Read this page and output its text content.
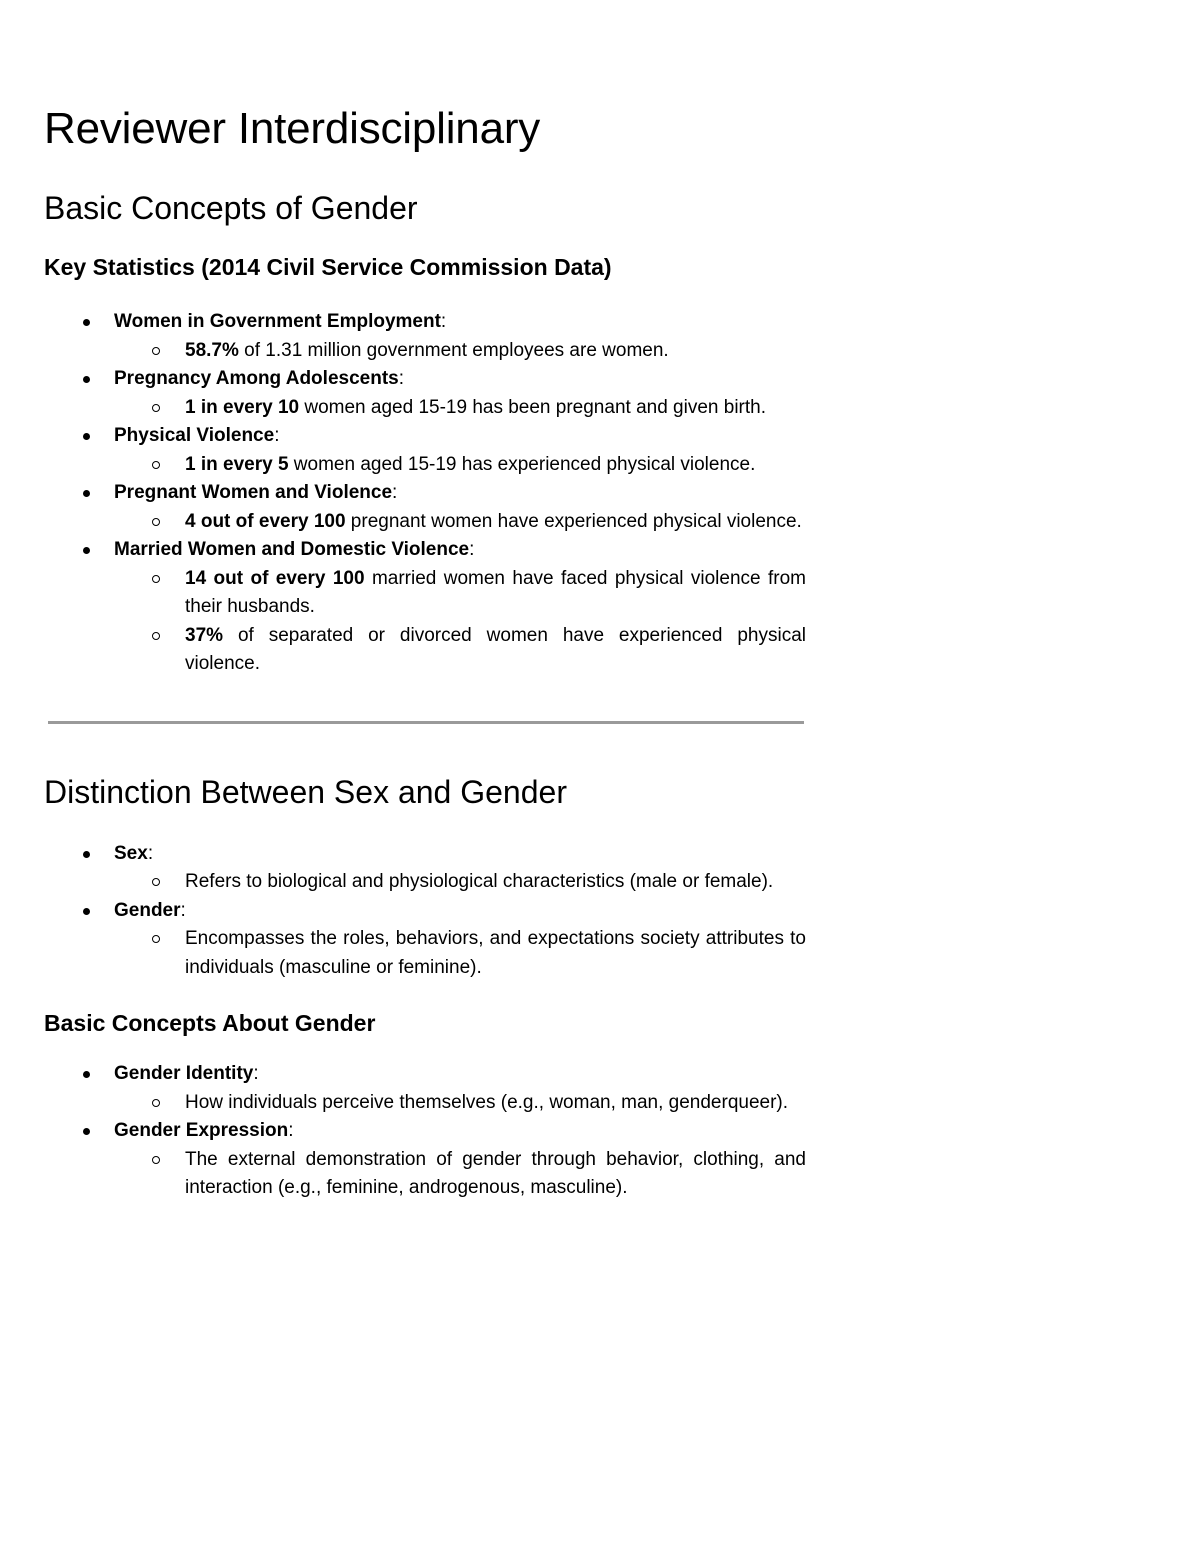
Reviewer Interdisciplinary
Basic Concepts of Gender
Key Statistics (2014 Civil Service Commission Data)
Women in Government Employment:
58.7% of 1.31 million government employees are women.
Pregnancy Among Adolescents:
1 in every 10 women aged 15-19 has been pregnant and given birth.
Physical Violence:
1 in every 5 women aged 15-19 has experienced physical violence.
Pregnant Women and Violence:
4 out of every 100 pregnant women have experienced physical violence.
Married Women and Domestic Violence:
14 out of every 100 married women have faced physical violence from their husbands.
37% of separated or divorced women have experienced physical violence.
Distinction Between Sex and Gender
Sex:
Refers to biological and physiological characteristics (male or female).
Gender:
Encompasses the roles, behaviors, and expectations society attributes to individuals (masculine or feminine).
Basic Concepts About Gender
Gender Identity:
How individuals perceive themselves (e.g., woman, man, genderqueer).
Gender Expression:
The external demonstration of gender through behavior, clothing, and interaction (e.g., feminine, androgenous, masculine).
